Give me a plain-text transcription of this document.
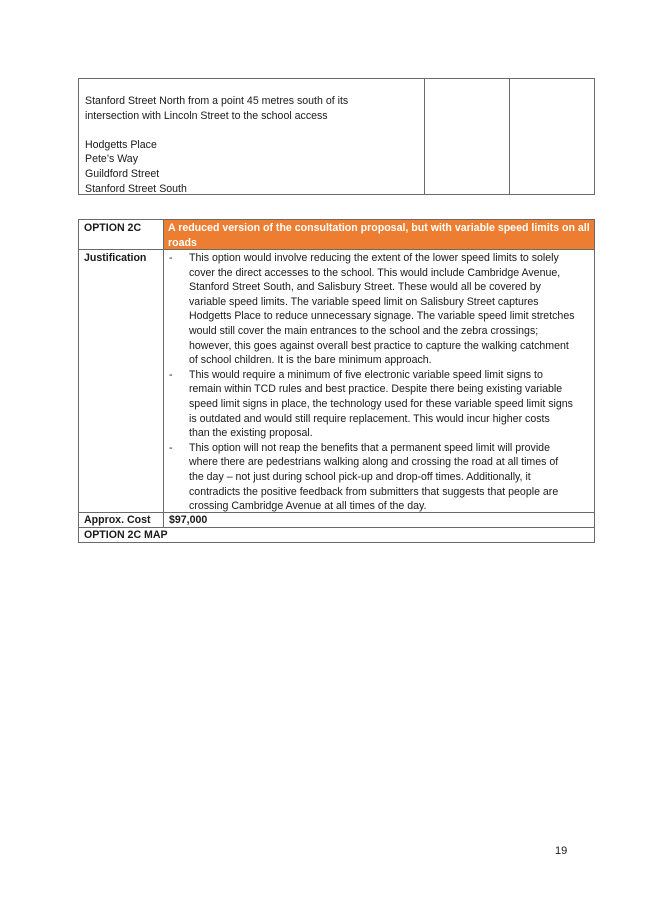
Stanford Street North from a point 45 metres south of its
intersection with Lincoln Street to the school access
Hodgetts Place
Pete’s Way
Guildford Street
Stanford Street South
OPTION 2C	A reduced version of the consultation proposal, but with variable speed limits on all
roads
Justification	- This option would involve reducing the extent of the lower speed limits to solely
cover the direct accesses to the school. This would include Cambridge Avenue,
Stanford Street South, and Salisbury Street. These would all be covered by
variable speed limits. The variable speed limit on Salisbury Street captures
Hodgetts Place to reduce unnecessary signage. The variable speed limit stretches
would still cover the main entrances to the school and the zebra crossings;
however, this goes against overall best practice to capture the walking catchment
of school children. It is the bare minimum approach.
- This would require a minimum of five electronic variable speed limit signs to
remain within TCD rules and best practice. Despite there being existing variable
speed limit signs in place, the technology used for these variable speed limit signs
is outdated and would still require replacement. This would incur higher costs
than the existing proposal.
- This option will not reap the benefits that a permanent speed limit will provide
where there are pedestrians walking along and crossing the road at all times of
the day – not just during school pick-up and drop-off times. Additionally, it
contradicts the positive feedback from submitters that suggests that people are
crossing Cambridge Avenue at all times of the day.
Approx. Cost	$97,000
OPTION 2C MAP
19
